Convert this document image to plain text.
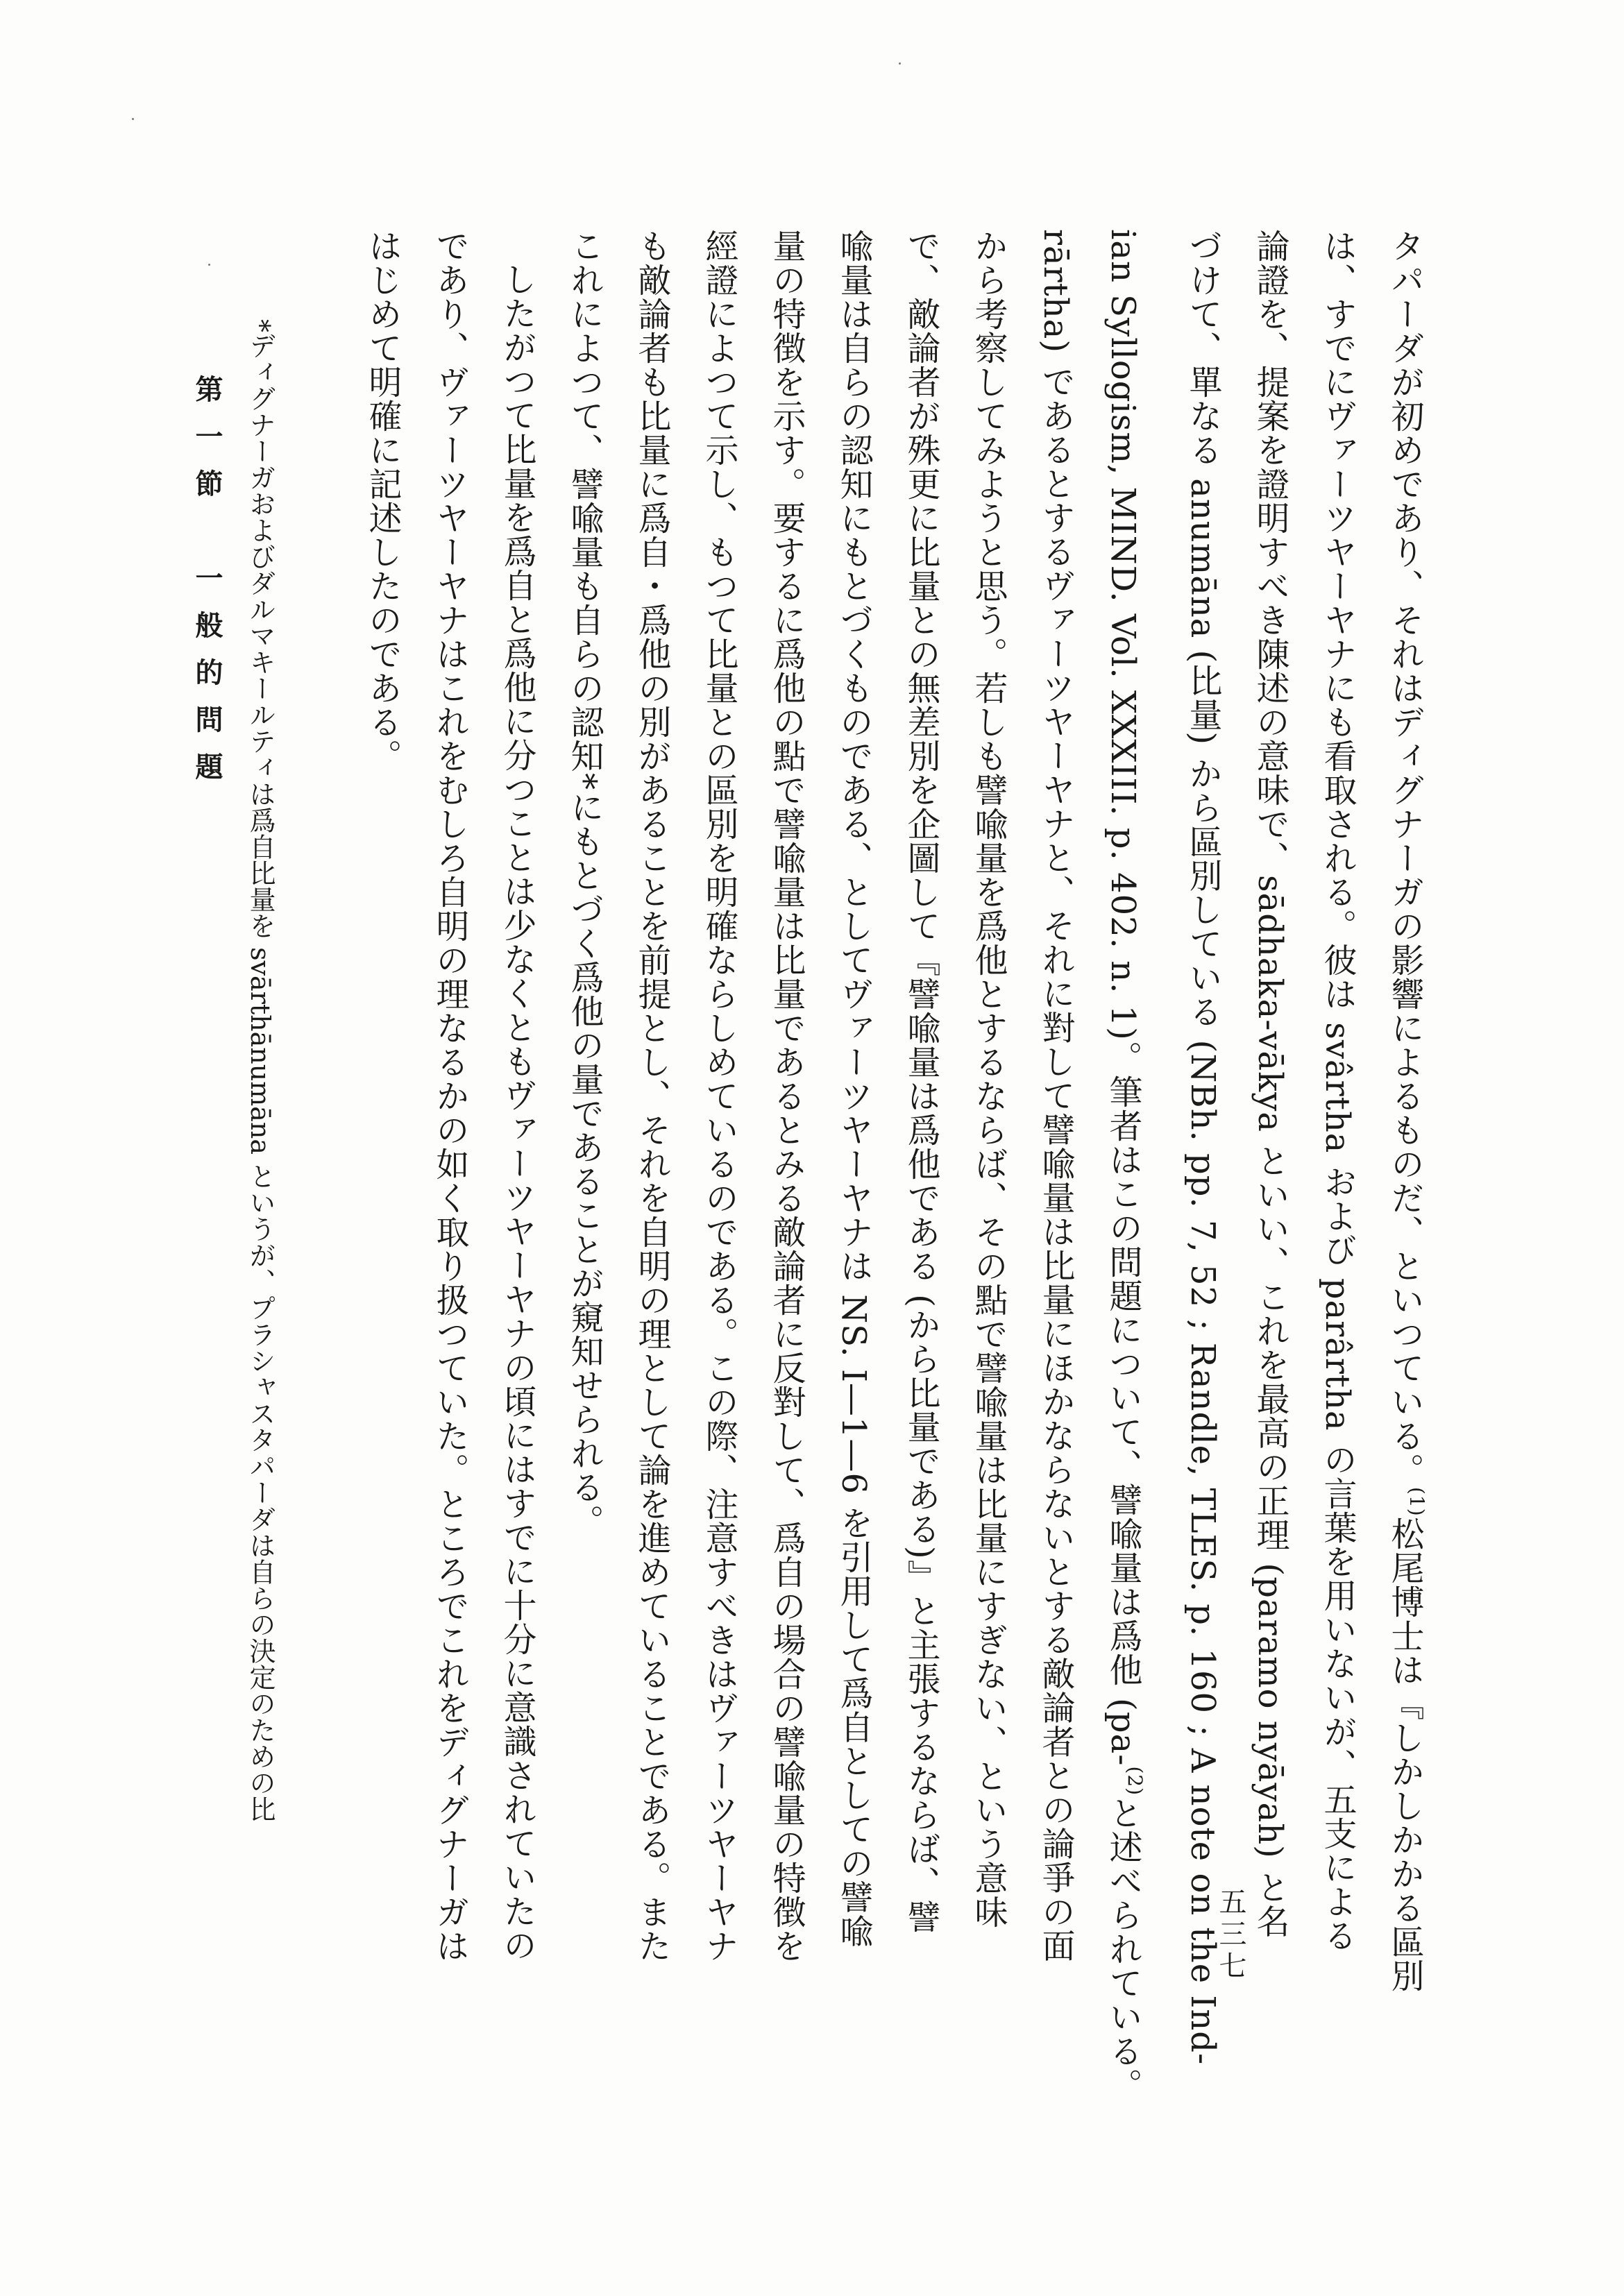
タパーダが初めであり、それはディグナーガの影響によるものだ、といつている。$^{(1)}$松尾博士は『しかしかかる區別
は、すでにヴァーツヤーヤナにも看取される。彼は svârtha および parârtha の言葉を用いないが、五支による
論證を、提案を證明すべき陳述の意味で、sādhaka-vākya といい、これを最高の正理 (paramo nyāyah) と名
づけて、單なる anumāna (比量) から區別している (NBh. pp. 7, 52 ; Randle, TLES. p. 160 ; A note on the Ind-
ian Syllogism, MIND. Vol. XXXIII. p. 402. n. 1)。筆者はこの問題について、譬喩量は爲他 (pa-$^{(2)}$と述べられている。
rārtha) であるとするヴァーツヤーヤナと、それに對して譬喩量は比量にほかならないとする敵論者との論爭の面
から考察してみようと思う。若しも譬喩量を爲他とするならば、その點で譬喩量は比量にすぎない、という意味
で、敵論者が殊更に比量との無差別を企圖して『譬喩量は爲他である (から比量である)』と主張するならば、譬
喩量は自らの認知にもとづくものである、としてヴァーツヤーヤナは NS. I—1—6 を引用して爲自としての譬喩
量の特徴を示す。要するに爲他の點で譬喩量は比量であるとみる敵論者に反對して、爲自の場合の譬喩量の特徴を
經證によつて示し、もつて比量との區別を明確ならしめているのである。この際、注意すべきはヴァーツヤーヤナ
も敵論者も比量に爲自・爲他の別があることを前提とし、それを自明の理として論を進めていることである。また
これによつて、譬喩量も自らの認知*にもとづく爲他の量であることが窺知せられる。
したがつて比量を爲自と爲他に分つことは少なくともヴァーツヤーヤナの頃にはすでに十分に意識されていたの
であり、ヴァーツヤーヤナはこれをむしろ自明の理なるかの如く取り扱つていた。ところでこれをディグナーガは
はじめて明確に記述したのである。
*ディグナーガおよびダルマキールティは爲自比量を svārthānumāna というが、プラシャスタパーダは自らの決定のための比
第一節　一般的問題
五三七
